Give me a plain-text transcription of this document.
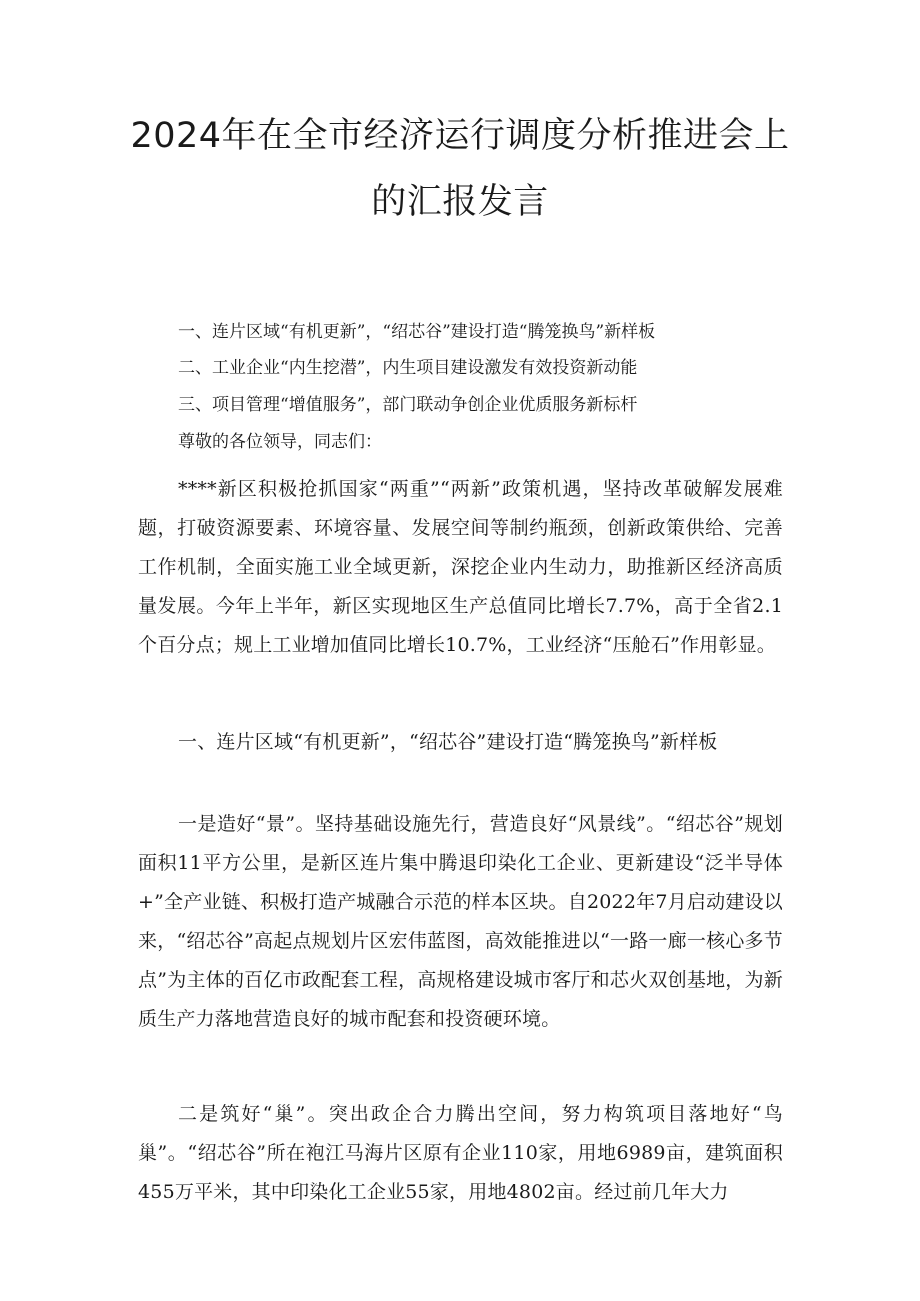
2024年在全市经济运行调度分析推进会上
的汇报发言

一、连片区域“有机更新”，“绍芯谷”建设打造“腾笼换鸟”新样板

二、工业企业“内生挖潜”，内生项目建设激发有效投资新动能

三、项目管理“增值服务”，部门联动争创企业优质服务新标杆

尊敬的各位领导，同志们：

****新区积极抢抓国家“两重”“两新”政策机遇，坚持改革破解发展难题，打破资源要素、环境容量、发展空间等制约瓶颈，创新政策供给、完善工作机制，全面实施工业全域更新，深挖企业内生动力，助推新区经济高质量发展。今年上半年，新区实现地区生产总值同比增长7.7%，高于全省2.1个百分点；规上工业增加值同比增长10.7%，工业经济“压舱石”作用彰显。

一、连片区域“有机更新”，“绍芯谷”建设打造“腾笼换鸟”新样板

一是造好“景”。坚持基础设施先行，营造良好“风景线”。“绍芯谷”规划面积11平方公里，是新区连片集中腾退印染化工企业、更新建设“泛半导体+”全产业链、积极打造产城融合示范的样本区块。自2022年7月启动建设以来，“绍芯谷”高起点规划片区宏伟蓝图，高效能推进以“一路一廊一核心多节点”为主体的百亿市政配套工程，高规格建设城市客厅和芯火双创基地，为新质生产力落地营造良好的城市配套和投资硬环境。

二是筑好“巢”。突出政企合力腾出空间，努力构筑项目落地好“鸟巢”。“绍芯谷”所在袍江马海片区原有企业110家，用地6989亩，建筑面积455万平米，其中印染化工企业55家，用地4802亩。经过前几年大力
